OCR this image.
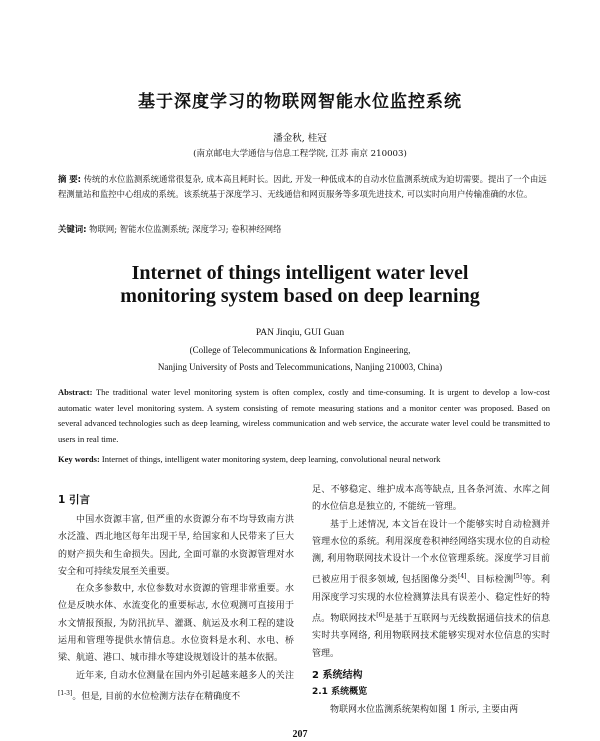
基于深度学习的物联网智能水位监控系统
潘金秋, 桂冠
(南京邮电大学通信与信息工程学院, 江苏 南京 210003)
摘 要: 传统的水位监测系统通常很复杂, 成本高且耗时长。因此, 开发一种低成本的自动水位监测系统成为迫切需要。提出了一个由远程测量站和监控中心组成的系统。该系统基于深度学习、无线通信和网页服务等多项先进技术, 可以实时向用户传输准确的水位。
关键词: 物联网; 智能水位监测系统; 深度学习; 卷积神经网络
Internet of things intelligent water level
monitoring system based on deep learning
PAN Jinqiu, GUI Guan
(College of Telecommunications & Information Engineering,
Nanjing University of Posts and Telecommunications, Nanjing 210003, China)
Abstract: The traditional water level monitoring system is often complex, costly and time-consuming. It is urgent to develop a low-cost automatic water level monitoring system. A system consisting of remote measuring stations and a monitor center was proposed. Based on several advanced technologies such as deep learning, wireless communication and web service, the accurate water level could be transmitted to users in real time.
Key words: Internet of things, intelligent water monitoring system, deep learning, convolutional neural network
1 引言

中国水资源丰富, 但严重的水资源分布不均导致南方洪水泛滥、西北地区每年出现干旱, 给国家和人民带来了巨大的财产损失和生命损失。因此, 全面可靠的水资源管理对水安全和可持续发展至关重要。

在众多参数中, 水位参数对水资源的管理非常重要。水位是反映水体、水流变化的重要标志, 水位观测可直接用于水文情报预报, 为防汛抗旱、灌溉、航运及水利工程的建设运用和管理等提供水情信息。水位资料是水利、水电、桥梁、航道、港口、城市排水等建设规划设计的基本依据。

近年来, 自动水位测量在国内外引起越来越多人的关注[1-3]。但是, 目前的水位检测方法存在精确度不

足、不够稳定、维护成本高等缺点, 且各条河流、水库之间的水位信息是独立的, 不能统一管理。

基于上述情况, 本文旨在设计一个能够实时自动检测并管理水位的系统。利用深度卷积神经网络实现水位的自动检测, 利用物联网技术设计一个水位管理系统。深度学习目前已被应用于很多领域, 包括图像分类[4]、目标检测[5]等。利用深度学习实现的水位检测算法具有误差小、稳定性好的特点。物联网技术[6]是基于互联网与无线数据通信技术的信息实时共享网络, 利用物联网技术能够实现对水位信息的实时管理。

2 系统结构
2.1 系统概览

物联网水位监测系统架构如图 1 所示, 主要由两

207
